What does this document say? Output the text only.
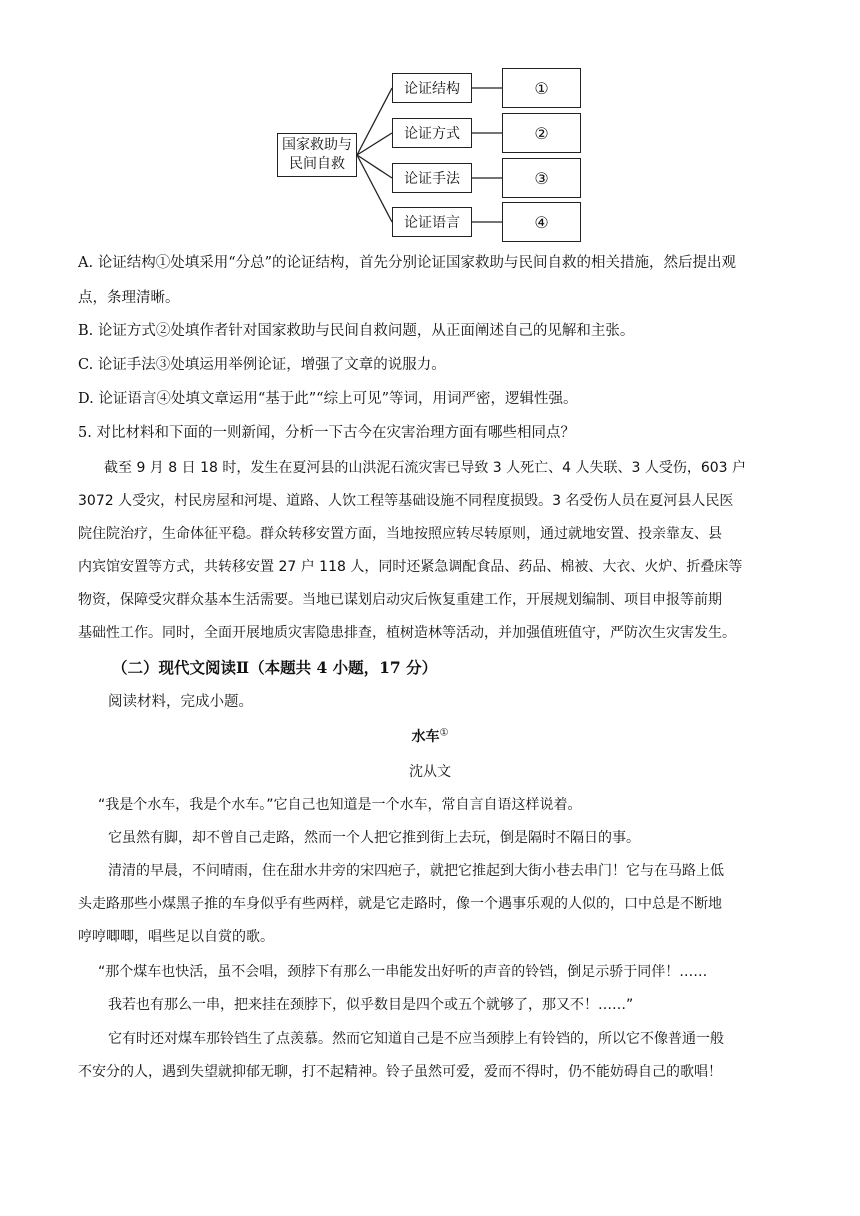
国家救助与
民间自救
论证结构
论证方式
论证手法
论证语言
①
②
③
④
A. 论证结构①处填采用“分总”的论证结构，首先分别论证国家救助与民间自救的相关措施，然后提出观
点，条理清晰。
B. 论证方式②处填作者针对国家救助与民间自救问题，从正面阐述自己的见解和主张。
C. 论证手法③处填运用举例论证，增强了文章的说服力。
D. 论证语言④处填文章运用“基于此”“综上可见”等词，用词严密，逻辑性强。
5. 对比材料和下面的一则新闻，分析一下古今在灾害治理方面有哪些相同点？
截至 9 月 8 日 18 时，发生在夏河县的山洪泥石流灾害已导致 3 人死亡、4 人失联、3 人受伤，603 户
3072 人受灾，村民房屋和河堤、道路、人饮工程等基础设施不同程度损毁。3 名受伤人员在夏河县人民医
院住院治疗，生命体征平稳。群众转移安置方面，当地按照应转尽转原则，通过就地安置、投亲靠友、县
内宾馆安置等方式，共转移安置 27 户 118 人，同时还紧急调配食品、药品、棉被、大衣、火炉、折叠床等
物资，保障受灾群众基本生活需要。当地已谋划启动灾后恢复重建工作，开展规划编制、项目申报等前期
基础性工作。同时，全面开展地质灾害隐患排查，植树造林等活动，并加强值班值守，严防次生灾害发生。
（二）现代文阅读Ⅱ（本题共 4 小题，17 分）
阅读材料，完成小题。
水车①
沈从文
“我是个水车，我是个水车。”它自己也知道是一个水车，常自言自语这样说着。
它虽然有脚，却不曾自己走路，然而一个人把它推到街上去玩，倒是隔时不隔日的事。
清清的早晨，不问晴雨，住在甜水井旁的宋四疤子，就把它推起到大街小巷去串门！它与在马路上低
头走路那些小煤黑子推的车身似乎有些两样，就是它走路时，像一个遇事乐观的人似的，口中总是不断地
哼哼唧唧，唱些足以自赏的歌。
“那个煤车也快活，虽不会唱，颈脖下有那么一串能发出好听的声音的铃铛，倒足示骄于同伴！……
我若也有那么一串，把来挂在颈脖下，似乎数目是四个或五个就够了，那又不！……”
它有时还对煤车那铃铛生了点羡慕。然而它知道自己是不应当颈脖上有铃铛的，所以它不像普通一般
不安分的人，遇到失望就抑郁无聊，打不起精神。铃子虽然可爱，爱而不得时，仍不能妨碍自己的歌唱！
